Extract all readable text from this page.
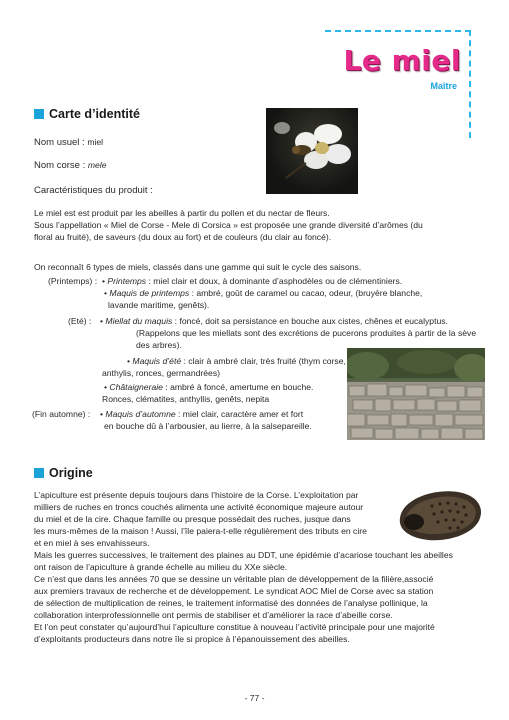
Le miel
Maître
Carte d’identité
Nom usuel : miel
Nom corse : mele
Caractéristiques du produit :
Le miel est est produit par les abeilles à partir du pollen et du nectar de fleurs.
Sous l’appellation « Miel de Corse - Mele di Corsica » est proposée une grande diversité d’arômes (du
floral au fruité), de saveurs (du doux au fort) et de couleurs (du clair au foncé).
On reconnaît 6 types de miels, classés dans une gamme qui suit le cycle des saisons.
(Printemps) : • Printemps : miel clair et doux, à dominante d’asphodèles ou de clémentiniers.
• Maquis de printemps : ambré, goût de caramel ou cacao, odeur, (bruyère blanche,
lavande maritime, genêts).
(Eté) : • Miellat du maquis : foncé, doit sa persistance en bouche aux cistes, chênes et eucalyptus.
(Rappelons que les miellats sont des excrétions de pucerons produites à partir de la sève
des arbres).
• Maquis d’été : clair à ambré clair, très fruité (thym corse,
anthylis, ronces, germandrées)
• Châtaigneraie : ambré à foncé, amertume en bouche.
Ronces, clématites, anthyllis, genêts, nepita
(Fin automne) : • Maquis d’automne : miel clair, caractère amer et fort
en bouche dû à l’arbousier, au lierre, à la salsepareille.
Origine
L’apiculture est présente depuis toujours dans l’histoire de la Corse. L’exploitation par
milliers de ruches en troncs couchés alimenta une activité économique majeure autour
du miel et de la cire. Chaque famille ou presque possédait des ruches, jusque dans
les murs-mêmes de la maison ! Aussi, l’île paiera-t-elle régulièrement des tributs en cire
et en miel à ses envahisseurs.
Mais les guerres successives, le traitement des plaines au DDT, une épidémie d’acariose touchant les abeilles
ont raison de l’apiculture à grande échelle au milieu du XXe siècle.
Ce n’est que dans les années 70 que se dessine un véritable plan de développement de la filière,associé
aux premiers travaux de recherche et de développement. Le syndicat AOC Miel de Corse avec sa station
de sélection de multiplication de reines, le traitement informatisé des données de l’analyse pollinique, la
collaboration interprofessionnelle ont permis de stabiliser et d’améliorer la race d’abeille corse.
Et l’on peut constater qu’aujourd’hui l’apiculture constitue à nouveau l’activité principale pour une majorité
d’exploitants producteurs dans notre île si propice à l’épanouissement des abeilles.
- 77 -
